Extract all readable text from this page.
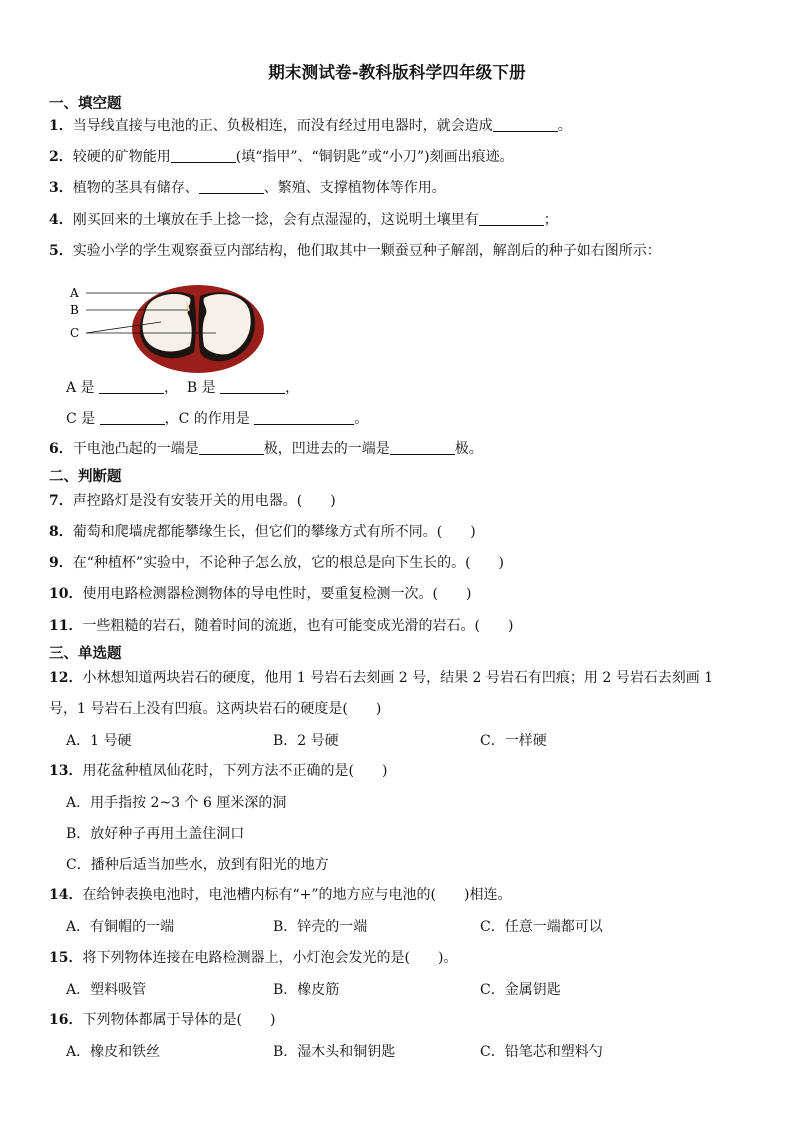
期末测试卷-教科版科学四年级下册
一、填空题
1．当导线直接与电池的正、负极相连，而没有经过用电器时，就会造成	。
2．较硬的矿物能用	(填“指甲”、“铜钥匙”或“小刀”)刻画出痕迹。
3．植物的茎具有储存、	、繁殖、支撑植物体等作用。
4．刚买回来的土壤放在手上捻一捻，会有点湿湿的，这说明土壤里有	；
5．实验小学的学生观察蚕豆内部结构，他们取其中一颗蚕豆种子解剖，解剖后的种子如右图所示：
A
B
C
A 是	， B 是	，
C 是	，C 的作用是	。
6．干电池凸起的一端是	极，凹进去的一端是	极。
二、判断题
7．声控路灯是没有安装开关的用电器。(　　)
8．葡萄和爬墙虎都能攀缘生长，但它们的攀缘方式有所不同。(　　)
9．在“种植杯”实验中，不论种子怎么放，它的根总是向下生长的。(　　)
10．使用电路检测器检测物体的导电性时，要重复检测一次。(　　)
11．一些粗糙的岩石，随着时间的流逝，也有可能变成光滑的岩石。(　　)
三、单选题
12．小林想知道两块岩石的硬度，他用 1 号岩石去刻画 2 号，结果 2 号岩石有凹痕；用 2 号岩石去刻画 1 号，1 号岩石上没有凹痕。这两块岩石的硬度是(　　)
A．1 号硬	B．2 号硬	C．一样硬
13．用花盆种植凤仙花时，下列方法不正确的是(　　)
A．用手指按 2~3 个 6 厘米深的洞
B．放好种子再用土盖住洞口
C．播种后适当加些水，放到有阳光的地方
14．在给钟表换电池时，电池槽内标有“+”的地方应与电池的(　　)相连。
A．有铜帽的一端	B．锌壳的一端	C．任意一端都可以
15．将下列物体连接在电路检测器上，小灯泡会发光的是(　　)。
A．塑料吸管	B．橡皮筋	C．金属钥匙
16．下列物体都属于导体的是(　　)
A．橡皮和铁丝	B．湿木头和铜钥匙	C．铅笔芯和塑料勺
